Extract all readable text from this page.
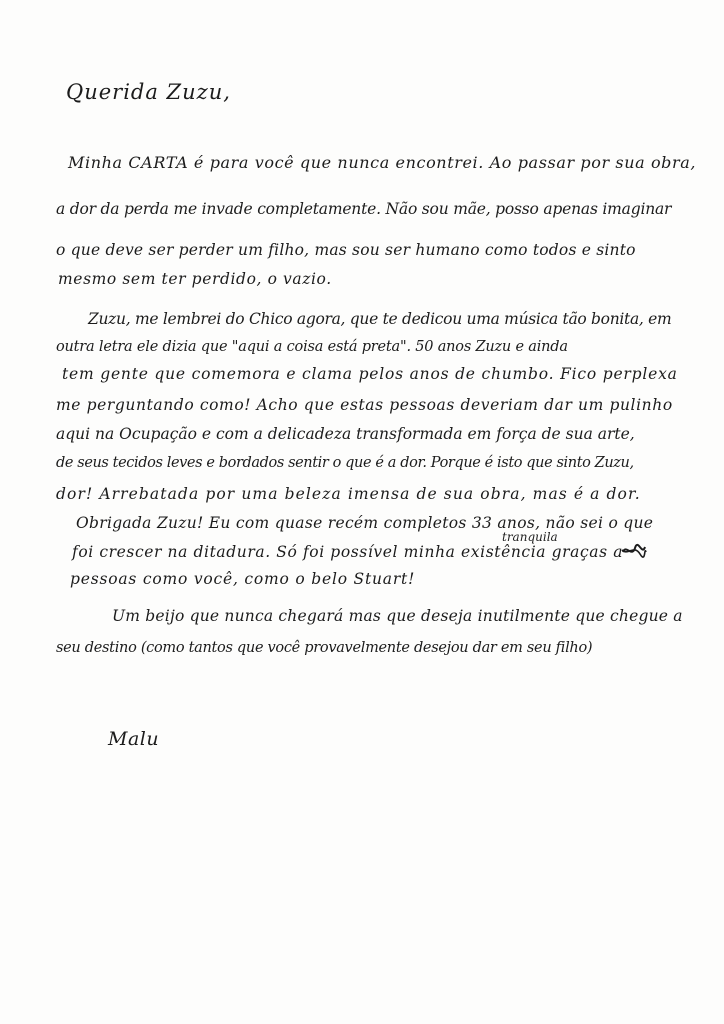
Querida Zuzu,
Minha CARTA é para você que nunca encontrei. Ao passar por sua obra,
a dor da perda me invade completamente. Não sou mãe, posso apenas imaginar
o que deve ser perder um filho, mas sou ser humano como todos e sinto
mesmo sem ter perdido, o vazio.
Zuzu, me lembrei do Chico agora, que te dedicou uma música tão bonita, em
outra letra ele dizia que "aqui a coisa está preta". 50 anos Zuzu e ainda
tem gente que comemora e clama pelos anos de chumbo. Fico perplexa
me perguntando como! Acho que estas pessoas deveriam dar um pulinho
aqui na Ocupação e com a delicadeza transformada em força de sua arte,
de seus tecidos leves e bordados sentir o que é a dor. Porque é isto que sinto Zuzu,
dor! Arrebatada por uma beleza imensa de sua obra, mas é a dor.
Obrigada Zuzu! Eu com quase recém completos 33 anos, não sei o que
tranquila
foi crescer na ditadura. Só foi possível minha existência graças a
pessoas como você, como o belo Stuart!
Um beijo que nunca chegará mas que deseja inutilmente que chegue a
seu destino (como tantos que você provavelmente desejou dar em seu filho)
Malu
